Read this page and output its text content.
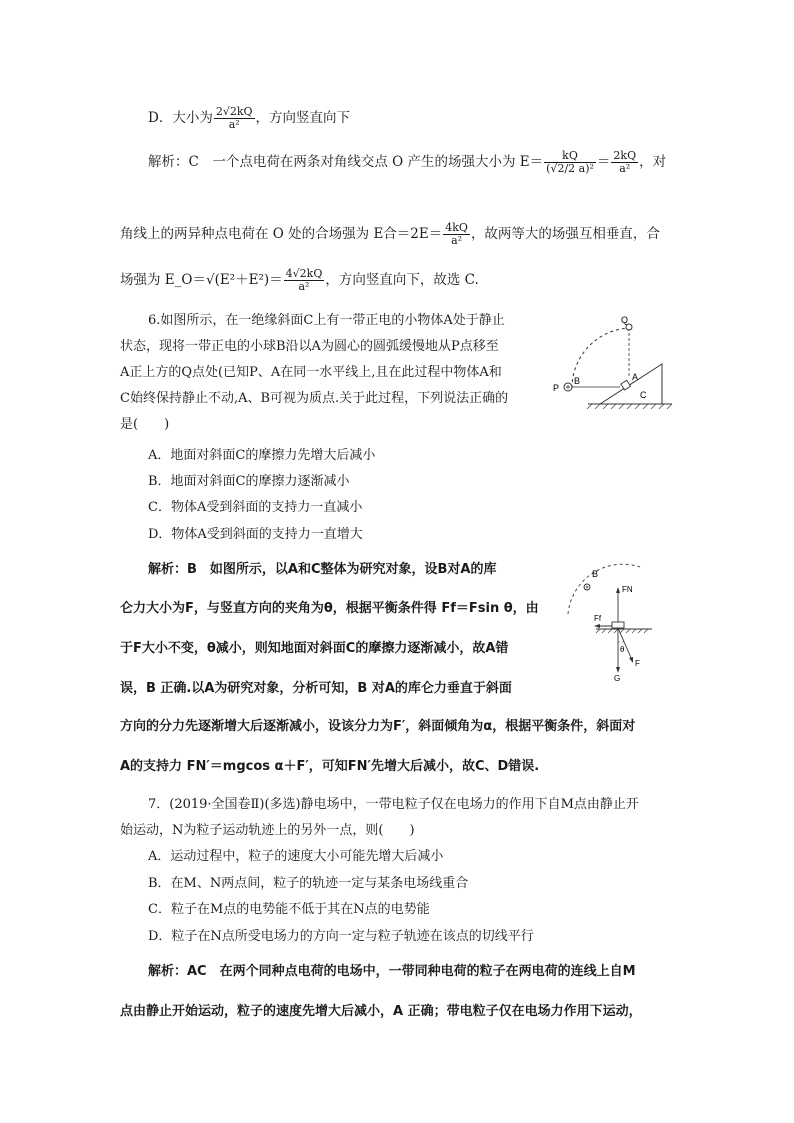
D．大小为 $\frac{2√2kQ}{\text{a²}}$ ，方向竖直向下
解析：C　 一个点电荷在两条对角线交点 O 产生的场强大小为 $E= \frac{kQ}{\text{(√2/2 a)²}} = \frac{2kQ}{\text{a²}}$ ，对
角线上的两异种点电荷在 O 处的合场强为 E合$=2E= \frac{4kQ}{\text{a²}}$ ，故两等大的场强互相垂直，合
场强为 E_O＝√(E²＋E²)＝ $\frac{4√2kQ}{\text{a²}}$ ，方向竖直向下，故选 C.
6.如图所示，在一绝缘斜面C上有一带正电的小物体A处于静止
状态，现将一带正电的小球B沿以A为圆心的圆弧缓慢地从P点移至
A正上方的Q点处(已知P、A在同一水平线上,且在此过程中物体A和
C始终保持静止不动,A、B可视为质点.关于此过程，下列说法正确的
是(　　)
Q
P
B	A
C
A．地面对斜面C的摩擦力先增大后减小
B．地面对斜面C的摩擦力逐渐减小
C．物体A受到斜面的支持力一直减小
D．物体A受到斜面的支持力一直增大
解析：B　如图所示，以A和C整体为研究对象，设B对A的库
仑力大小为F，与竖直方向的夹角为θ，根据平衡条件得 Ff＝Fsin θ，由
于F大小不变，θ减小，则知地面对斜面C的摩擦力逐渐减小，故A错
误，B 正确.以A为研究对象，分析可知，B 对A的库仑力垂直于斜面
方向的分力先逐渐增大后逐渐减小，设该分力为F′，斜面倾角为α，根据平衡条件，斜面对
A的支持力 FN′＝mgcos α＋F′，可知FN′先增大后减小，故C、D错误.
B
FN
Ff
G
F
θ
7．(2019·全国卷Ⅱ)(多选)静电场中，一带电粒子仅在电场力的作用下自M点由静止开
始运动，N为粒子运动轨迹上的另外一点，则(　　)
A．运动过程中，粒子的速度大小可能先增大后减小
B．在M、N两点间，粒子的轨迹一定与某条电场线重合
C．粒子在M点的电势能不低于其在N点的电势能
D．粒子在N点所受电场力的方向一定与粒子轨迹在该点的切线平行
解析：AC　在两个同种点电荷的电场中，一带同种电荷的粒子在两电荷的连线上自M
点由静止开始运动，粒子的速度先增大后减小，A 正确；带电粒子仅在电场力作用下运动，
